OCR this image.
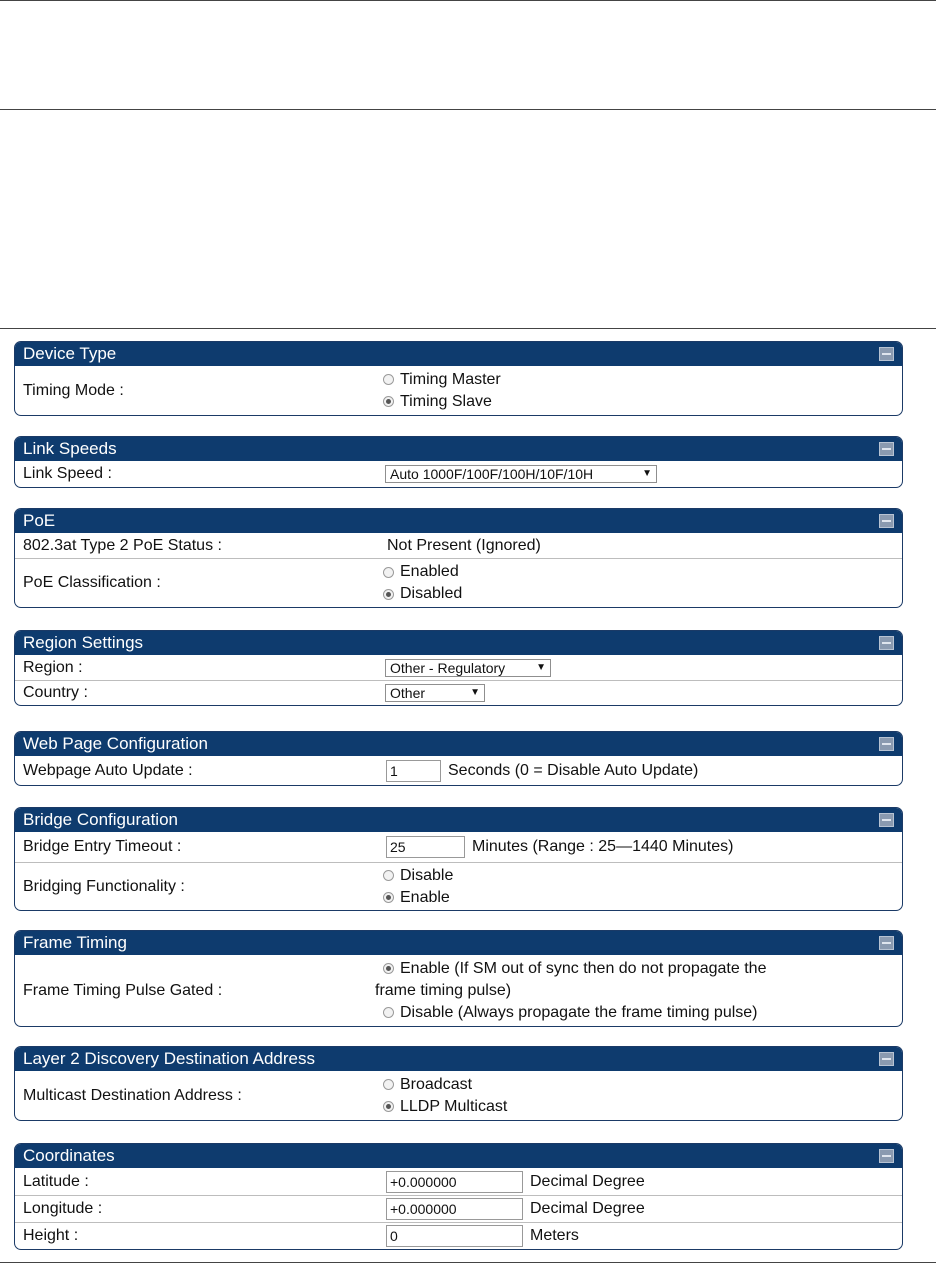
Device Type
Timing Mode :
Timing Master
Timing Slave
Link Speeds
Link Speed :	Auto 1000F/100F/100H/10F/10H	▼
PoE
802.3at Type 2 PoE Status :	Not Present (Ignored)
PoE Classification :
Enabled
Disabled
Region Settings
Region :	Other - Regulatory	▼
Country :	Other	▼
Web Page Configuration
Webpage Auto Update :	1	Seconds (0 = Disable Auto Update)
Bridge Configuration
Bridge Entry Timeout :	25	Minutes (Range : 25—1440 Minutes)
Bridging Functionality :
Disable
Enable
Frame Timing
Frame Timing Pulse Gated :
Enable (If SM out of sync then do not propagate the
frame timing pulse)
Disable (Always propagate the frame timing pulse)
Layer 2 Discovery Destination Address
Multicast Destination Address :
Broadcast
LLDP Multicast
Coordinates
Latitude :	+0.000000	Decimal Degree
Longitude :	+0.000000	Decimal Degree
Height :	0	Meters
